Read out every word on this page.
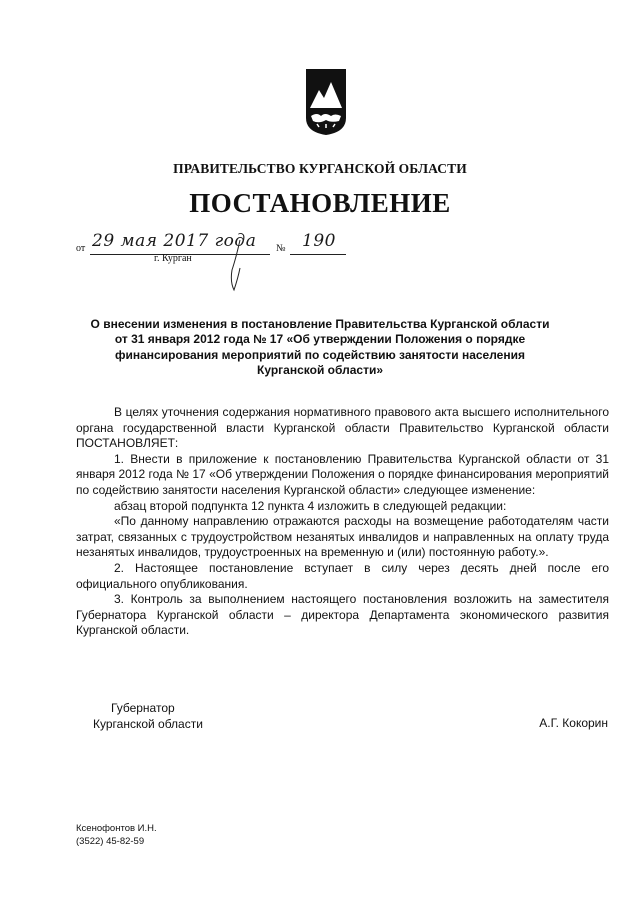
ПРАВИТЕЛЬСТВО КУРГАНСКОЙ ОБЛАСТИ
ПОСТАНОВЛЕНИЕ
от 29 мая 2017 года № 190
г. Курган
О внесении изменения в постановление Правительства Курганской области
от 31 января 2012 года № 17 «Об утверждении Положения о порядке
финансирования мероприятий по содействию занятости населения
Курганской области»

В целях уточнения содержания нормативного правового акта высшего исполнительного органа государственной власти Курганской области Правительство Курганской области ПОСТАНОВЛЯЕТ:

1. Внести в приложение к постановлению Правительства Курганской области от 31 января 2012 года № 17 «Об утверждении Положения о порядке финансирования мероприятий по содействию занятости населения Курганской области» следующее изменение:

абзац второй подпункта 12 пункта 4 изложить в следующей редакции:

«По данному направлению отражаются расходы на возмещение работодателям части затрат, связанных с трудоустройством незанятых инвалидов и направленных на оплату труда незанятых инвалидов, трудоустроенных на временную и (или) постоянную работу.».

2. Настоящее постановление вступает в силу через десять дней после его официального опубликования.

3. Контроль за выполнением настоящего постановления возложить на заместителя Губернатора Курганской области – директора Департамента экономического развития Курганской области.

Губернатор
Курганской области	А.Г. Кокорин
Ксенофонтов И.Н.
(3522) 45-82-59
